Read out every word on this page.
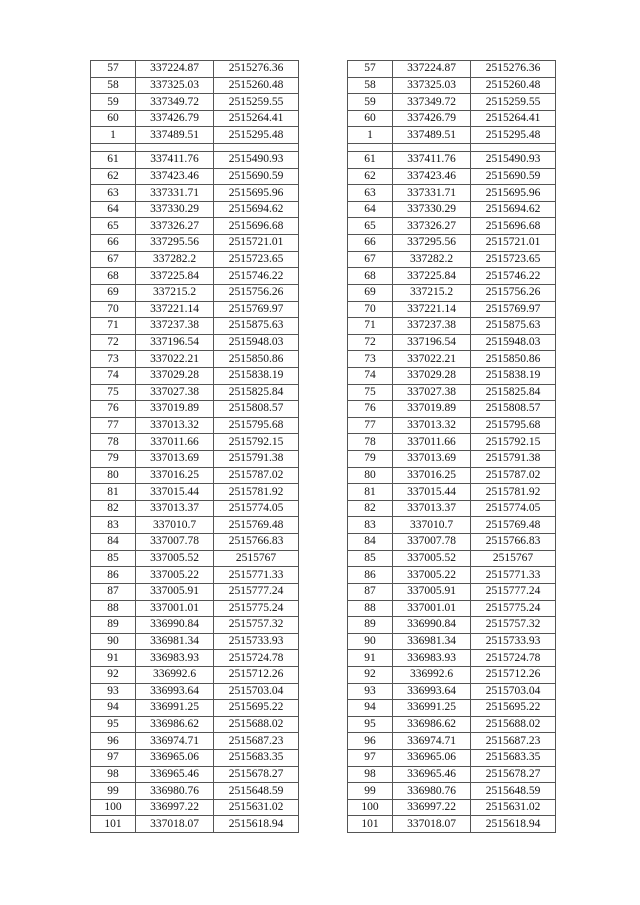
57	337224.87	2515276.36
58	337325.03	2515260.48
59	337349.72	2515259.55
60	337426.79	2515264.41
1	337489.51	2515295.48

61	337411.76	2515490.93
62	337423.46	2515690.59
63	337331.71	2515695.96
64	337330.29	2515694.62
65	337326.27	2515696.68
66	337295.56	2515721.01
67	337282.2	2515723.65
68	337225.84	2515746.22
69	337215.2	2515756.26
70	337221.14	2515769.97
71	337237.38	2515875.63
72	337196.54	2515948.03
73	337022.21	2515850.86
74	337029.28	2515838.19
75	337027.38	2515825.84
76	337019.89	2515808.57
77	337013.32	2515795.68
78	337011.66	2515792.15
79	337013.69	2515791.38
80	337016.25	2515787.02
81	337015.44	2515781.92
82	337013.37	2515774.05
83	337010.7	2515769.48
84	337007.78	2515766.83
85	337005.52	2515767
86	337005.22	2515771.33
87	337005.91	2515777.24
88	337001.01	2515775.24
89	336990.84	2515757.32
90	336981.34	2515733.93
91	336983.93	2515724.78
92	336992.6	2515712.26
93	336993.64	2515703.04
94	336991.25	2515695.22
95	336986.62	2515688.02
96	336974.71	2515687.23
97	336965.06	2515683.35
98	336965.46	2515678.27
99	336980.76	2515648.59
100	336997.22	2515631.02
101	337018.07	2515618.94
57	337224.87	2515276.36
58	337325.03	2515260.48
59	337349.72	2515259.55
60	337426.79	2515264.41
1	337489.51	2515295.48

61	337411.76	2515490.93
62	337423.46	2515690.59
63	337331.71	2515695.96
64	337330.29	2515694.62
65	337326.27	2515696.68
66	337295.56	2515721.01
67	337282.2	2515723.65
68	337225.84	2515746.22
69	337215.2	2515756.26
70	337221.14	2515769.97
71	337237.38	2515875.63
72	337196.54	2515948.03
73	337022.21	2515850.86
74	337029.28	2515838.19
75	337027.38	2515825.84
76	337019.89	2515808.57
77	337013.32	2515795.68
78	337011.66	2515792.15
79	337013.69	2515791.38
80	337016.25	2515787.02
81	337015.44	2515781.92
82	337013.37	2515774.05
83	337010.7	2515769.48
84	337007.78	2515766.83
85	337005.52	2515767
86	337005.22	2515771.33
87	337005.91	2515777.24
88	337001.01	2515775.24
89	336990.84	2515757.32
90	336981.34	2515733.93
91	336983.93	2515724.78
92	336992.6	2515712.26
93	336993.64	2515703.04
94	336991.25	2515695.22
95	336986.62	2515688.02
96	336974.71	2515687.23
97	336965.06	2515683.35
98	336965.46	2515678.27
99	336980.76	2515648.59
100	336997.22	2515631.02
101	337018.07	2515618.94
